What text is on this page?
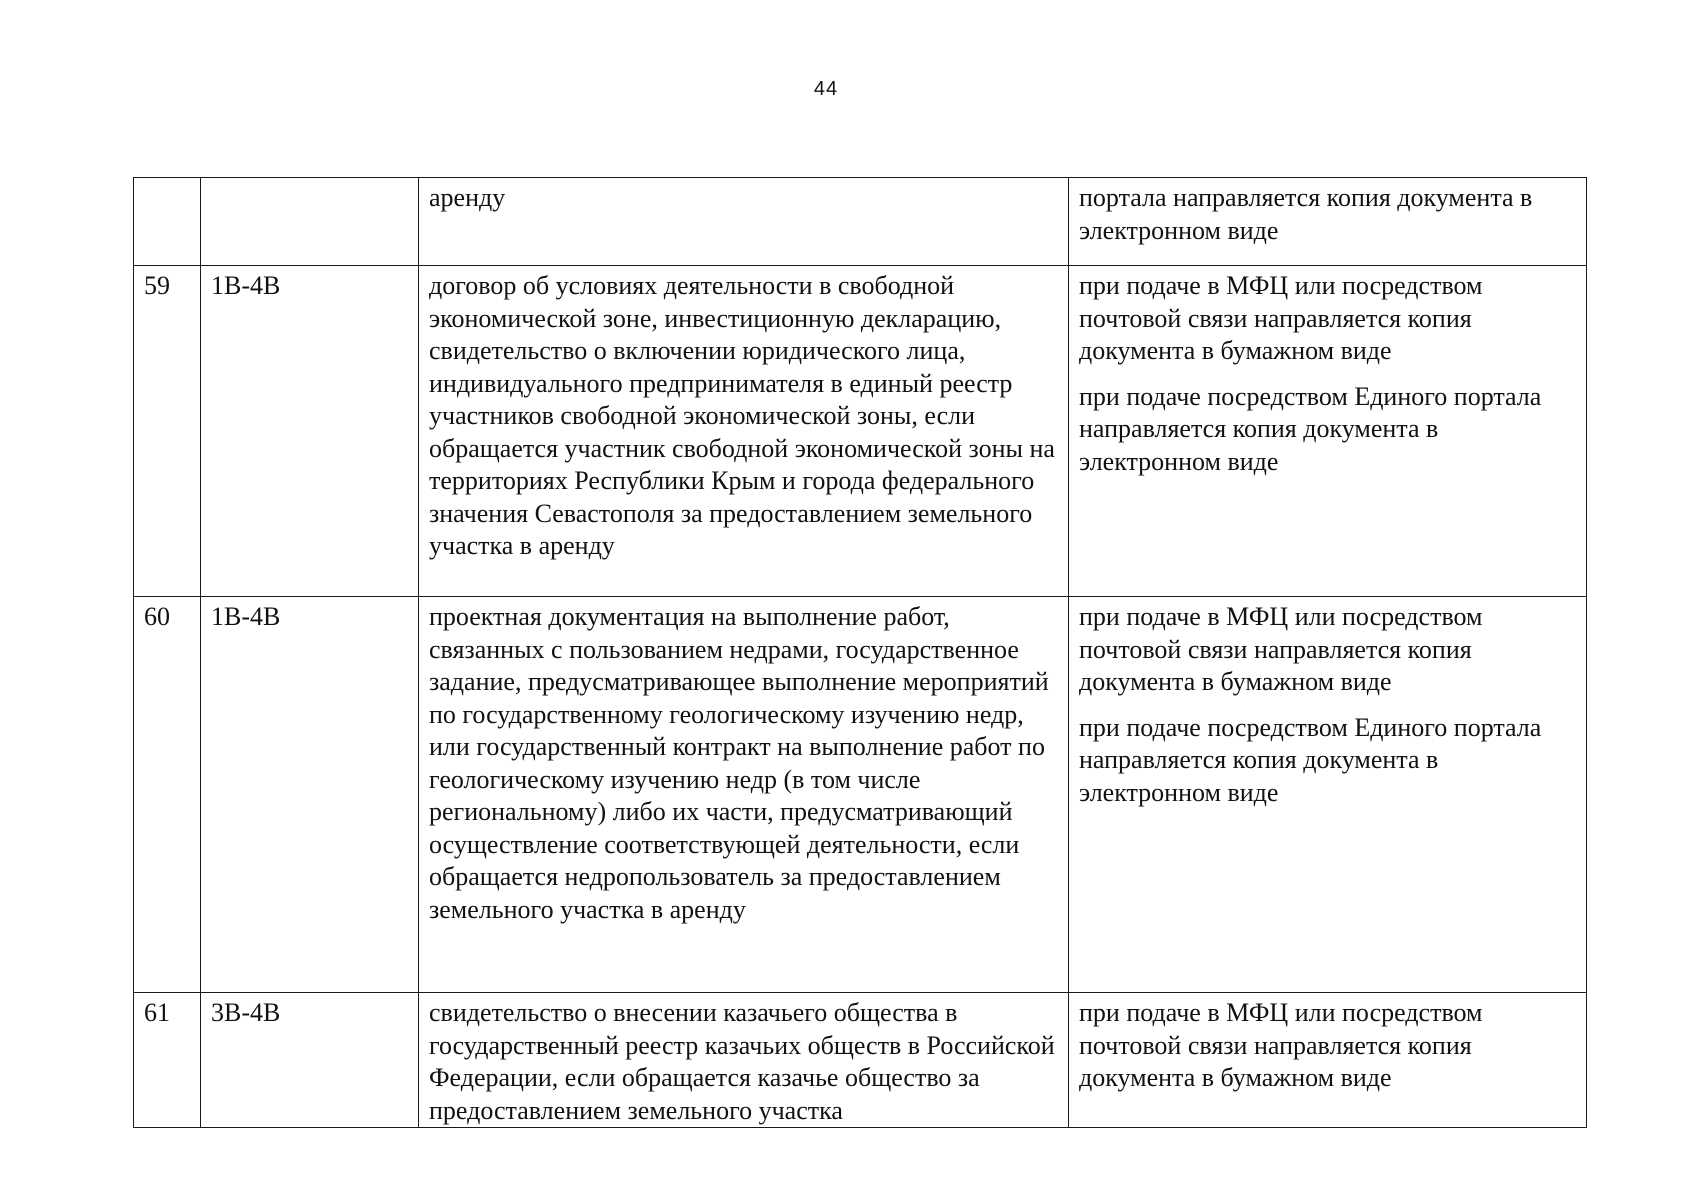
44
		аренду	портала направляется копия документа в электронном виде

59	1В-4В	договор об условиях деятельности в свободной экономической зоне, инвестиционную декларацию, свидетельство о включении юридического лица, индивидуального предпринимателя в единый реестр участников свободной экономической зоны, если обращается участник свободной экономической зоны на территориях Республики Крым и города федерального значения Севастополя за предоставлением земельного участка в аренду	при подаче в МФЦ или посредством почтовой связи направляется копия документа в бумажном виде

при подаче посредством Единого портала направляется копия документа в электронном виде

60	1В-4В	проектная документация на выполнение работ, связанных с пользованием недрами, государственное задание, предусматривающее выполнение мероприятий по государственному геологическому изучению недр, или государственный контракт на выполнение работ по геологическому изучению недр (в том числе региональному) либо их части, предусматривающий осуществление соответствующей деятельности, если обращается недропользователь за предоставлением земельного участка в аренду	при подаче в МФЦ или посредством почтовой связи направляется копия документа в бумажном виде

при подаче посредством Единого портала направляется копия документа в электронном виде

61	3В-4В	свидетельство о внесении казачьего общества в государственный реестр казачьих обществ в Российской Федерации, если обращается казачье общество за предоставлением земельного участка	при подаче в МФЦ или посредством почтовой связи направляется копия документа в бумажном виде
